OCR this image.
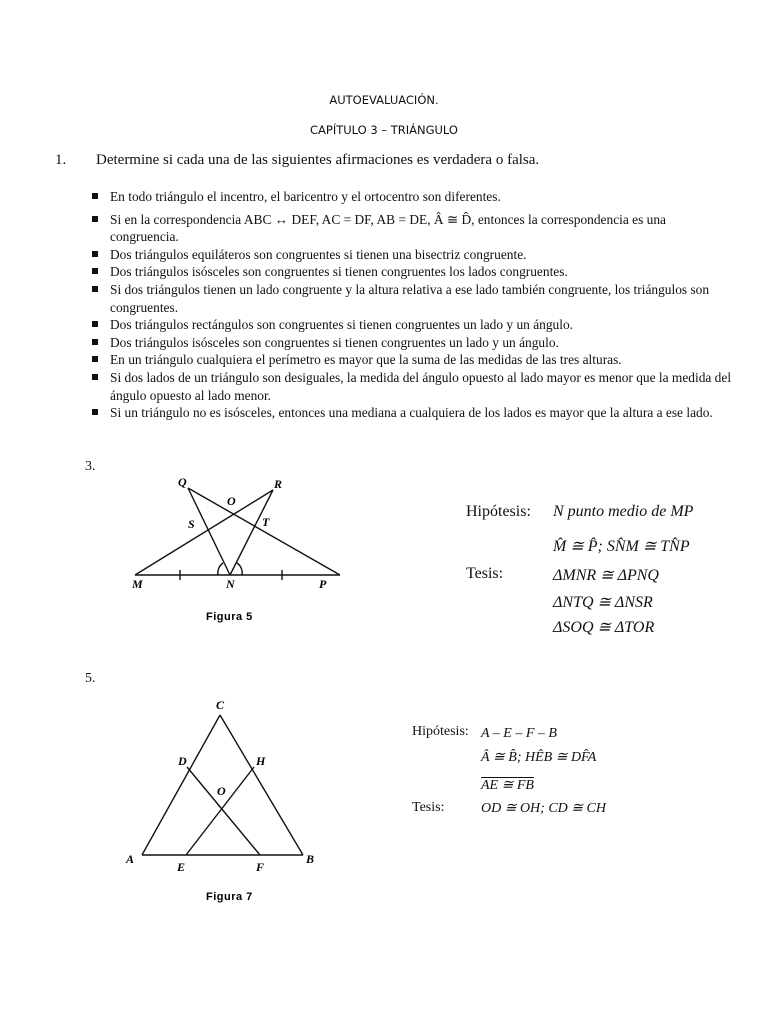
AUTOEVALUACIÓN.
CAPÍTULO 3 – TRIÁNGULO
1. Determine si cada una de las siguientes afirmaciones es verdadera o falsa.
En todo triángulo el incentro, el baricentro y el ortocentro son diferentes.
Si en la correspondencia ABC ↔ DEF, AC = DF, AB = DE, Â ≅ D̂, entonces la correspondencia es una congruencia.
Dos triángulos equiláteros son congruentes si tienen una bisectriz congruente.
Dos triángulos isósceles son congruentes si tienen congruentes los lados congruentes.
Si dos triángulos tienen un lado congruente y la altura relativa a ese lado también congruente, los triángulos son congruentes.
Dos triángulos rectángulos son congruentes si tienen congruentes un lado y un ángulo.
Dos triángulos isósceles son congruentes si tienen congruentes un lado y un ángulo.
En un triángulo cualquiera el perímetro es mayor que la suma de las medidas de las tres alturas.
Si dos lados de un triángulo son desiguales, la medida del ángulo opuesto al lado mayor es menor que la medida del ángulo opuesto al lado menor.
Si un triángulo no es isósceles, entonces una mediana a cualquiera de los lados es mayor que la altura a ese lado.
3.
Q	R
O
S	T
M	N	P
Figura 5
Hipótesis: N punto medio de MP
M̂ ≅ P̂; SN̂M ≅ TN̂P
Tesis:	ΔMNR ≅ ΔPNQ
ΔNTQ ≅ ΔNSR
ΔSOQ ≅ ΔTOR
5.
C
D	H
O
A
E	F
B
Figura 7
Hipótesis: A – E – F – B
Â ≅ B̂; HÊB ≅ DF̂A
AE ≅ FB
Tesis:	OD ≅ OH; CD ≅ CH
